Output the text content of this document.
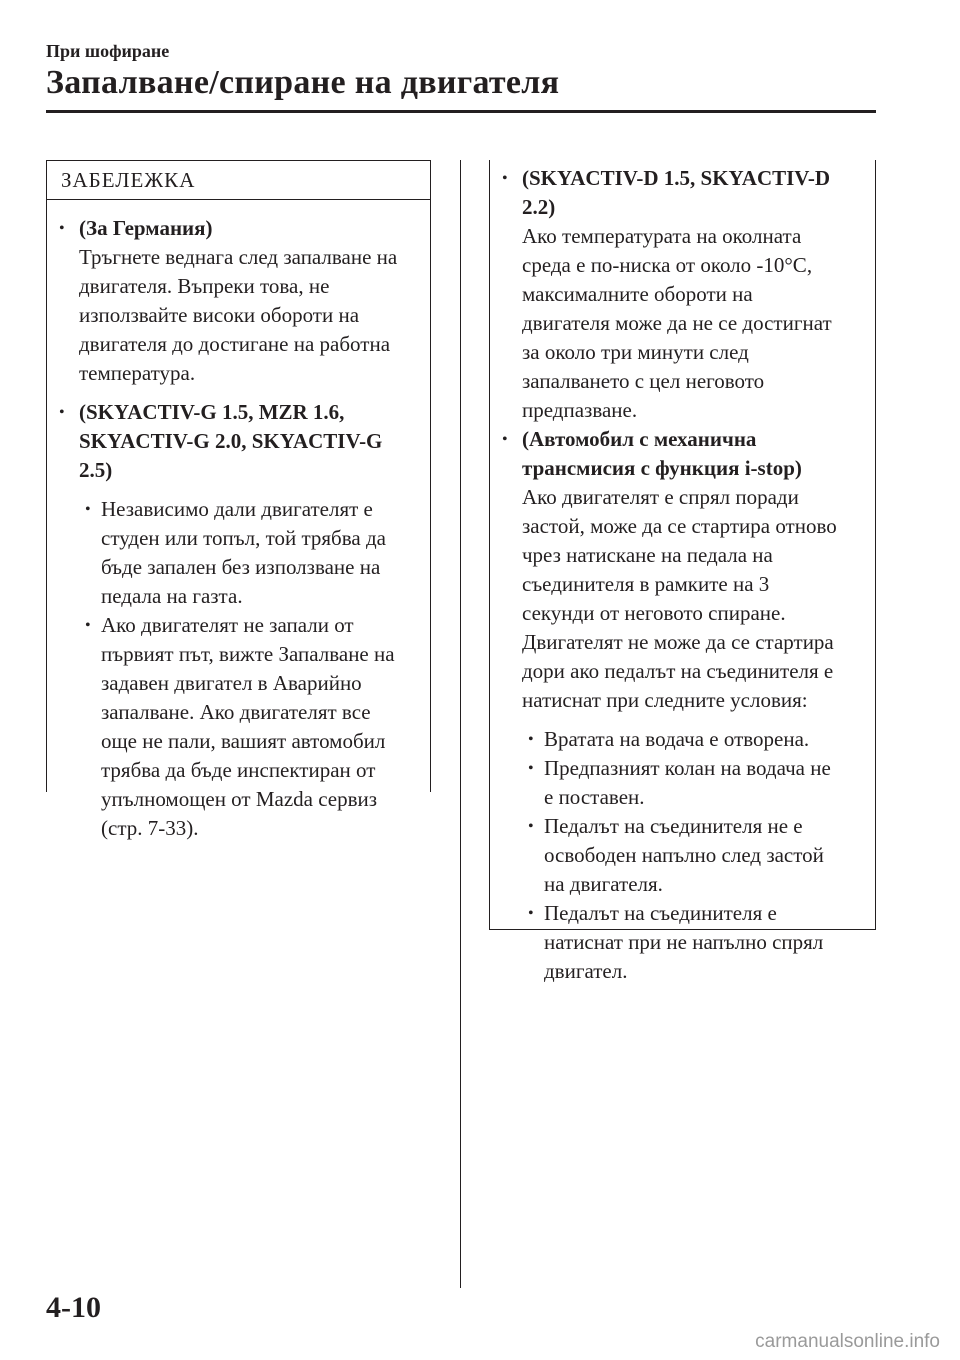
При шофиране
Запалване/спиране на двигателя
ЗАБЕЛЕЖКА
• (За Германия)
Тръгнете веднага след запалване на
двигателя. Въпреки това, не
използвайте високи обороти на
двигателя до достигане на работна
температура.
• (SKYACTIV-G 1.5, MZR 1.6,
SKYACTIV-G 2.0, SKYACTIV-G
2.5)
• Независимо дали двигателят е
студен или топъл, той трябва да
бъде запален без използване на
педала на газта.
• Ако двигателят не запали от
първият път, вижте Запалване на
задавен двигател в Аварийно
запалване. Ако двигателят все
още не пали, вашият автомобил
трябва да бъде инспектиран от
упълномощен от Mazda сервиз
(стр. 7-33).
• (SKYACTIV-D 1.5, SKYACTIV-D
2.2)
Ако температурата на околната
среда е по-ниска от около -10°C,
максималните обороти на
двигателя може да не се достигнат
за около три минути след
запалването с цел неговото
предпазване.
• (Автомобил с механична
трансмисия с функция i-stop)
Ако двигателят е спрял поради
застой, може да се стартира отново
чрез натискане на педала на
съединителя в рамките на 3
секунди от неговото спиране.
Двигателят не може да се стартира
дори ако педалът на съединителя е
натиснат при следните условия:
• Вратата на водача е отворена.
• Предпазният колан на водача не
е поставен.
• Педалът на съединителя не е
освободен напълно след застой
на двигателя.
• Педалът на съединителя е
натиснат при не напълно спрял
двигател.
4-10
carmanualsonline.info
